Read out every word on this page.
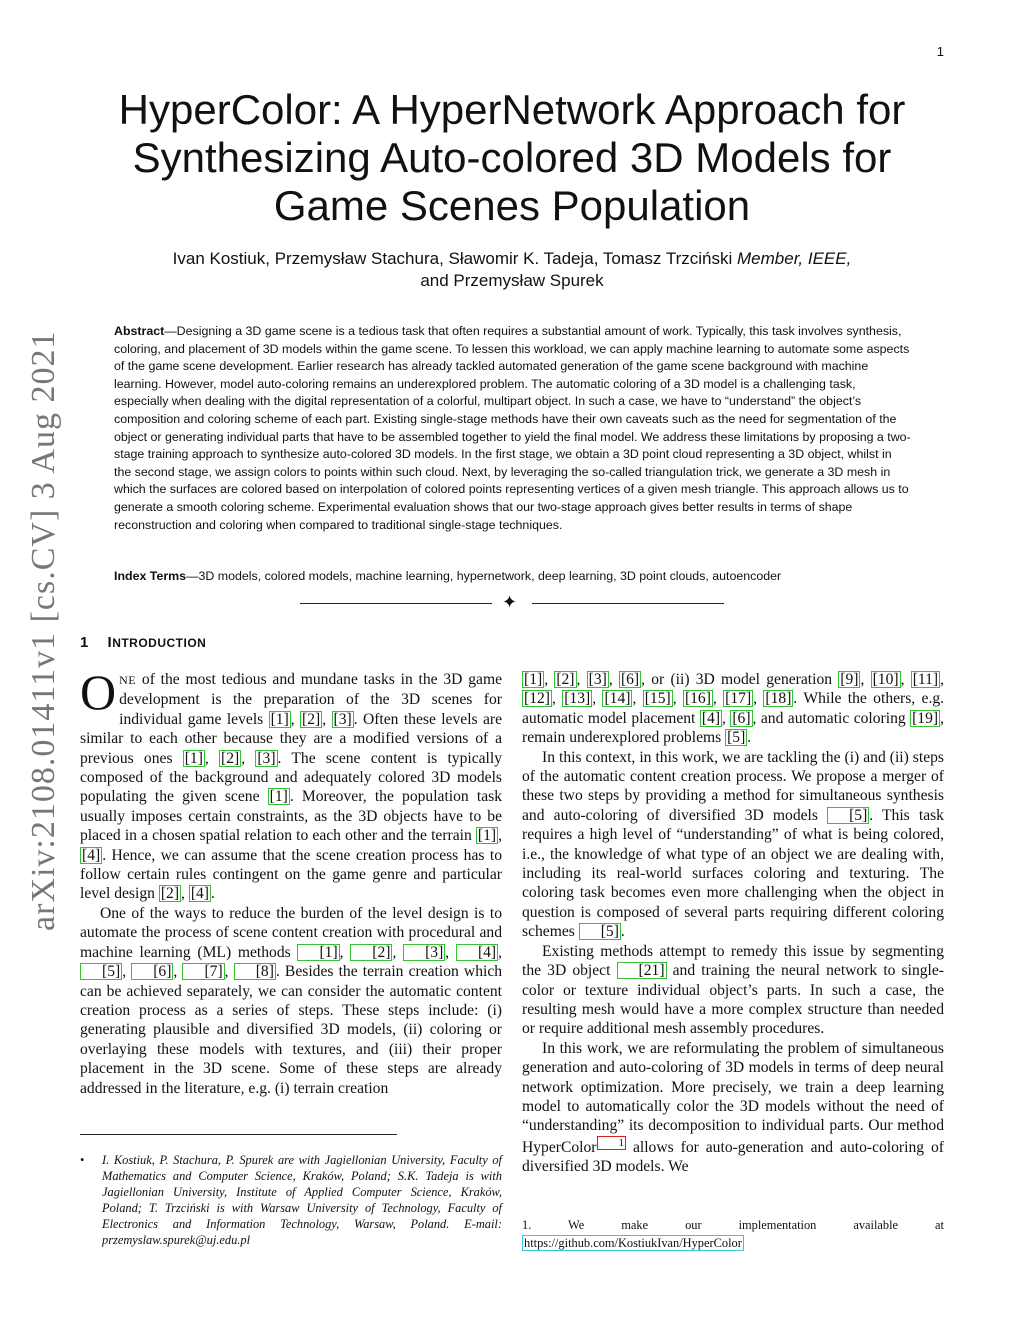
1
arXiv:2108.01411v1 [cs.CV] 3 Aug 2021
HyperColor: A HyperNetwork Approach for Synthesizing Auto-colored 3D Models for Game Scenes Population
Ivan Kostiuk, Przemysław Stachura, Sławomir K. Tadeja, Tomasz Trzciński Member, IEEE,
and Przemysław Spurek

Abstract—Designing a 3D game scene is a tedious task that often requires a substantial amount of work. Typically, this task involves synthesis, coloring, and placement of 3D models within the game scene. To lessen this workload, we can apply machine learning to automate some aspects of the game scene development. Earlier research has already tackled automated generation of the game scene background with machine learning. However, model auto-coloring remains an underexplored problem. The automatic coloring of a 3D model is a challenging task, especially when dealing with the digital representation of a colorful, multipart object. In such a case, we have to “understand” the object’s composition and coloring scheme of each part. Existing single-stage methods have their own caveats such as the need for segmentation of the object or generating individual parts that have to be assembled together to yield the final model. We address these limitations by proposing a two-stage training approach to synthesize auto-colored 3D models. In the first stage, we obtain a 3D point cloud representing a 3D object, whilst in the second stage, we assign colors to points within such cloud. Next, by leveraging the so-called triangulation trick, we generate a 3D mesh in which the surfaces are colored based on interpolation of colored points representing vertices of a given mesh triangle. This approach allows us to generate a smooth coloring scheme. Experimental evaluation shows that our two-stage approach gives better results in terms of shape reconstruction and coloring when compared to traditional single-stage techniques.

Index Terms—3D models, colored models, machine learning, hypernetwork, deep learning, 3D point clouds, autoencoder
✦
1 INTRODUCTION

ONE of the most tedious and mundane tasks in the 3D game development is the preparation of the 3D scenes for individual game levels [1] , [2] , [3] . Often these levels are similar to each other because they are a modified versions of a previous ones [1] , [2] , [3] . The scene content is typically composed of the background and adequately colored 3D models populating the given scene [1] . Moreover, the population task usually imposes certain constraints, as the 3D objects have to be placed in a chosen spatial relation to each other and the terrain [1] , [4] . Hence, we can assume that the scene creation process has to follow certain rules contingent on the game genre and particular level design [2] , [4] .

One of the ways to reduce the burden of the level design is to automate the process of scene content creation with procedural and machine learning (ML) methods [1] , [2] , [3] , [4] , [5] , [6] , [7] , [8] . Besides the terrain creation which can be achieved separately, we can consider the automatic content creation process as a series of steps. These steps include: (i) generating plausible and diversified 3D models, (ii) coloring or overlaying these models with textures, and (iii) their proper placement in the 3D scene. Some of these steps are already addressed in the literature, e.g. (i) terrain creation

[1] , [2] , [3] , [6] , or (ii) 3D model generation [9] , [10] , [11] , [12] , [13] , [14] , [15] , [16] , [17] , [18] . While the others, e.g. automatic model placement [4] , [6] , and automatic coloring [19] , remain underexplored problems [5] .

In this context, in this work, we are tackling the (i) and (ii) steps of the automatic content creation process. We propose a merger of these two steps by providing a method for simultaneous synthesis and auto-coloring of diversified 3D models [5] . This task requires a high level of “understanding” of what is being colored, i.e., the knowledge of what type of an object we are dealing with, including its real-world surfaces coloring and texturing. The coloring task becomes even more challenging when the object in question is composed of several parts requiring different coloring schemes [5] .

Existing methods attempt to remedy this issue by segmenting the 3D object [21] and training the neural network to single-color or texture individual object’s parts. In such a case, the resulting mesh would have a more complex structure than needed or require additional mesh assembly procedures.

In this work, we are reformulating the problem of simultaneous generation and auto-coloring of 3D models in terms of deep neural network optimization. More precisely, we train a deep learning model to automatically color the 3D models without the need of “understanding” its decomposition to individual parts. Our method HyperColor 1 allows for auto-generation and auto-coloring of diversified 3D models. We

• I. Kostiuk, P. Stachura, P. Spurek are with Jagiellonian University, Faculty of Mathematics and Computer Science, Kraków, Poland; S.K. Tadeja is with Jagiellonian University, Institute of Applied Computer Science, Kraków, Poland; T. Trzciński is with Warsaw University of Technology, Faculty of Electronics and Information Technology, Warsaw, Poland. E-mail: przemyslaw.spurek@uj.edu.pl
1. We make our implementation available at https://github.com/KostiukIvan/HyperColor
